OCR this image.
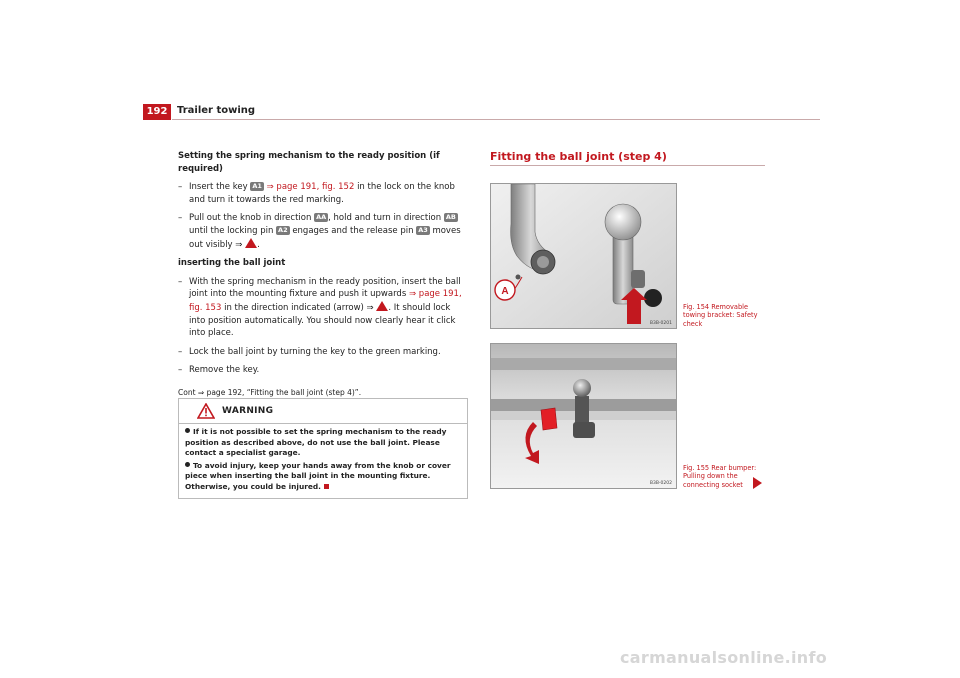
192 Trailer towing
Setting the spring mechanism to the ready position (if required)
– Insert the key A1 ⇒ page 191, fig. 152 in the lock on the knob and turn it towards the red marking.
– Pull out the knob in direction AA , hold and turn in direction AB until the locking pin A2 engages and the release pin A3 moves out visibly ⇒ .
inserting the ball joint
– With the spring mechanism in the ready position, insert the ball joint into the mounting fixture and push it upwards ⇒ page 191, fig. 153 in the direction indicated (arrow) ⇒ . It should lock into position automatically. You should now clearly hear it click into place.
– Lock the ball joint by turning the key to the green marking.
– Remove the key.
Cont ⇒ page 192, “Fitting the ball joint (step 4)”.
WARNING
If it is not possible to set the spring mechanism to the ready position as described above, do not use the ball joint. Please contact a specialist garage.
To avoid injury, keep your hands away from the knob or cover piece when inserting the ball joint in the mounting fixture. Otherwise, you could be injured.
Fitting the ball joint (step 4)
A
B3B-0201
Fig. 154 Removable
towing bracket: Safety
check
B3B-0202
Fig. 155 Rear bumper:
Pulling down the
connecting socket
carmanualsonline.info
